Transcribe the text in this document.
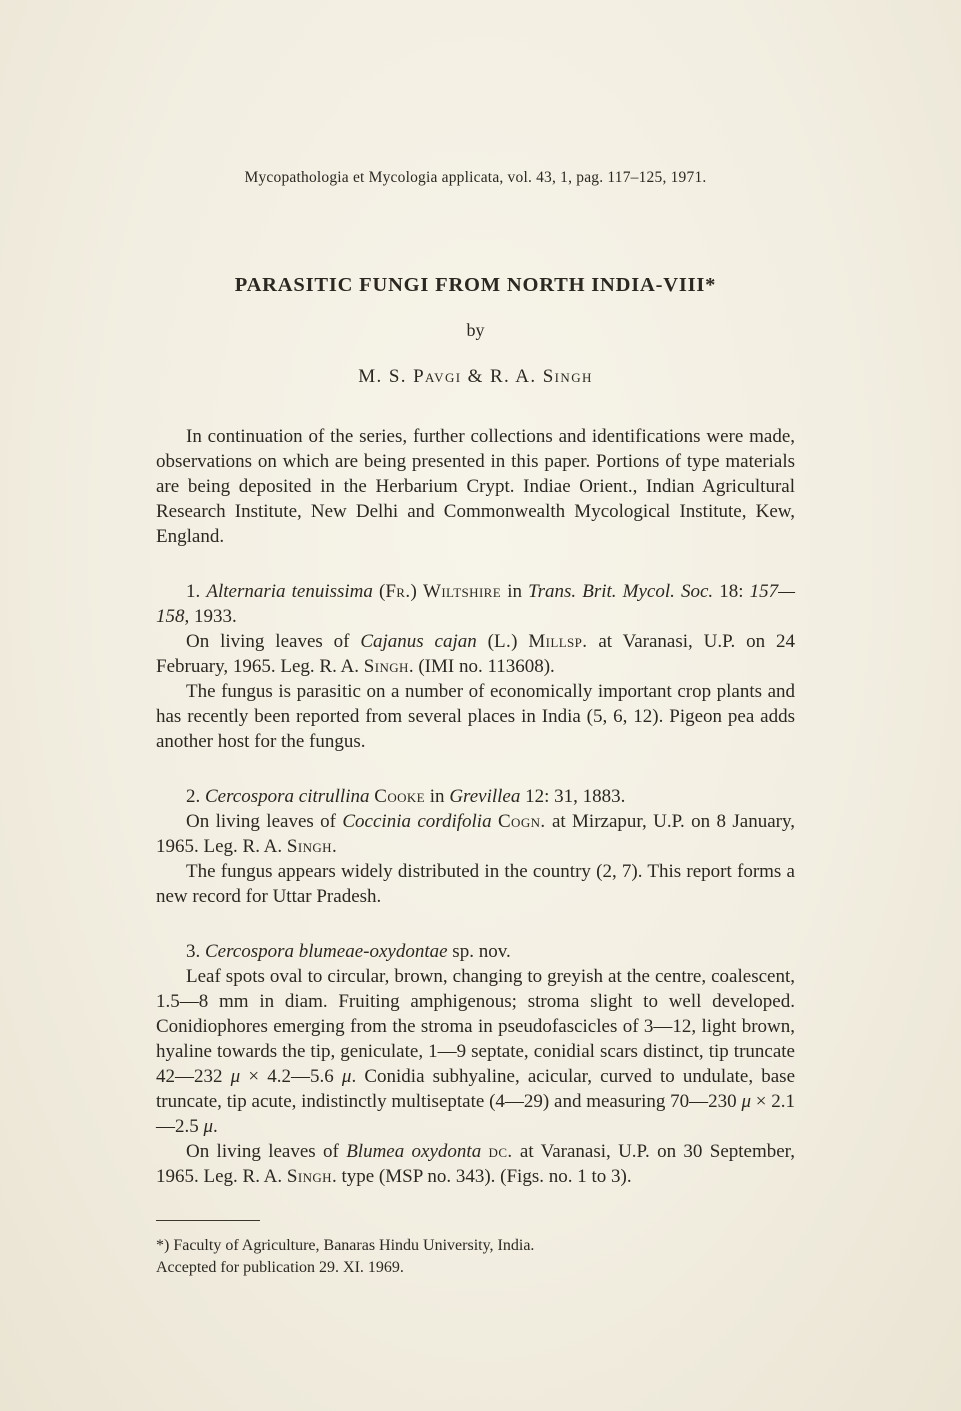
Mycopathologia et Mycologia applicata, vol. 43, 1, pag. 117–125, 1971.

PARASITIC FUNGI FROM NORTH INDIA-VIII*

by

M. S. Pavgi & R. A. Singh

In continuation of the series, further collections and identifications were made, observations on which are being presented in this paper. Portions of type materials are being deposited in the Herbarium Crypt. Indiae Orient., Indian Agricultural Research Institute, New Delhi and Commonwealth Mycological Institute, Kew, England.

1. Alternaria tenuissima (Fr.) Wiltshire in Trans. Brit. Mycol. Soc. 18: 157—158, 1933.

On living leaves of Cajanus cajan (L.) Millsp. at Varanasi, U.P. on 24 February, 1965. Leg. R. A. Singh. (IMI no. 113608).

The fungus is parasitic on a number of economically important crop plants and has recently been reported from several places in India (5, 6, 12). Pigeon pea adds another host for the fungus.

2. Cercospora citrullina Cooke in Grevillea 12: 31, 1883.

On living leaves of Coccinia cordifolia Cogn. at Mirzapur, U.P. on 8 January, 1965. Leg. R. A. Singh.

The fungus appears widely distributed in the country (2, 7). This report forms a new record for Uttar Pradesh.

3. Cercospora blumeae-oxydontae sp. nov.

Leaf spots oval to circular, brown, changing to greyish at the centre, coalescent, 1.5—8 mm in diam. Fruiting amphigenous; stroma slight to well developed. Conidiophores emerging from the stroma in pseudofascicles of 3—12, light brown, hyaline towards the tip, geniculate, 1—9 septate, conidial scars distinct, tip truncate 42—232 μ × 4.2—5.6 μ. Conidia subhyaline, acicular, curved to undulate, base truncate, tip acute, indistinctly multiseptate (4—29) and measuring 70—230 μ × 2.1—2.5 μ.

On living leaves of Blumea oxydonta dc. at Varanasi, U.P. on 30 September, 1965. Leg. R. A. Singh. type (MSP no. 343). (Figs. no. 1 to 3).

*) Faculty of Agriculture, Banaras Hindu University, India.

Accepted for publication 29. XI. 1969.
